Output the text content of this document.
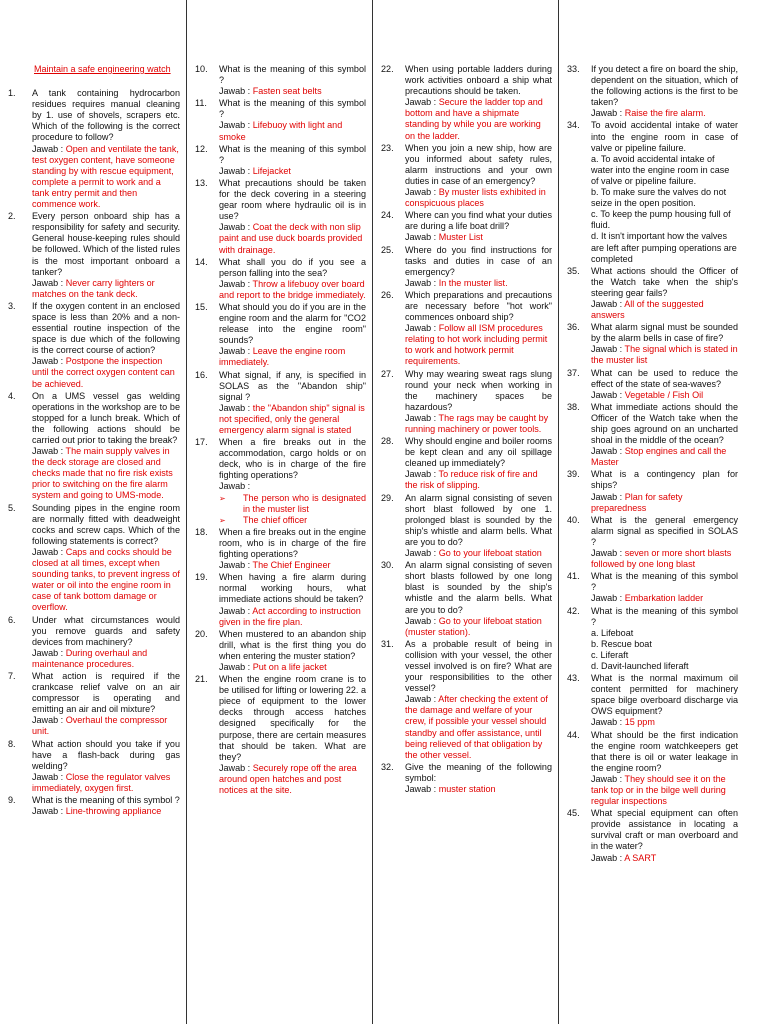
Maintain a safe engineering watch
1. A tank containing hydrocarbon residues requires manual cleaning by 1. use of shovels, scrapers etc. Which of the following is the correct procedure to follow?
Jawab : Open and ventilate the tank, test oxygen content, have someone standing by with rescue equipment, complete a permit to work and a tank entry permit and then commence work.
2. Every person onboard ship has a responsibility for safety and security. General house-keeping rules should be followed. Which of the listed rules is the most important onboard a tanker?
Jawab : Never carry lighters or matches on the tank deck.
3. If the oxygen content in an enclosed space is less than 20% and a non-essential routine inspection of the space is due which of the following is the correct course of action?
Jawab : Postpone the inspection until the correct oxygen content can be achieved.
4. On a UMS vessel gas welding operations in the workshop are to be stopped for a lunch break. Which of the following actions should be carried out prior to taking the break?
Jawab : The main supply valves in the deck storage are closed and checks made that no fire risk exists prior to switching on the fire alarm system and going to UMS-mode.
5. Sounding pipes in the engine room are normally fitted with deadweight cocks and screw caps. Which of the following statements is correct?
Jawab : Caps and cocks should be closed at all times, except when sounding tanks, to prevent ingress of water or oil into the engine room in case of tank bottom damage or overflow.
6. Under what circumstances would you remove guards and safety devices from machinery?
Jawab : During overhaul and maintenance procedures.
7. What action is required if the crankcase relief valve on an air compressor is operating and emitting an air and oil mixture?
Jawab : Overhaul the compressor unit.
8. What action should you take if you have a flash-back during gas welding?
Jawab : Close the regulator valves immediately, oxygen first.
9. What is the meaning of this symbol ?
Jawab : Line-throwing appliance
10. What is the meaning of this symbol ?
Jawab : Fasten seat belts
11. What is the meaning of this symbol ?
Jawab : Lifebuoy with light and smoke
12. What is the meaning of this symbol ?
Jawab : Lifejacket
13. What precautions should be taken for the deck covering in a steering gear room where hydraulic oil is in use?
Jawab : Coat the deck with non slip paint and use duck boards provided with drainage.
14. What shall you do if you see a person falling into the sea?
Jawab : Throw a lifebuoy over board and report to the bridge immediately.
15. What should you do if you are in the engine room and the alarm for "CO2 release into the engine room" sounds?
Jawab : Leave the engine room immediately.
16. What signal, if any, is specified in SOLAS as the "Abandon ship" signal ?
Jawab : the "Abandon ship" signal is not specified, only the general emergency alarm signal is stated
17. When a fire breaks out in the accommodation, cargo holds or on deck, who is in charge of the fire fighting operations?
Jawab :
➢ The person who is designated in the muster list
➢ The chief officer
18. When a fire breaks out in the engine room, who is in charge of the fire fighting operations?
Jawab : The Chief Engineer
19. When having a fire alarm during normal working hours, what immediate actions should be taken?
Jawab : Act according to instruction given in the fire plan.
20. When mustered to an abandon ship drill, what is the first thing you do when entering the muster station?
Jawab : Put on a life jacket
21. When the engine room crane is to be utilised for lifting or lowering 22. a piece of equipment to the lower decks through access hatches designed specifically for the purpose, there are certain measures that should be taken. What are they?
Jawab : Securely rope off the area around open hatches and post notices at the site.
22. When using portable ladders during work activities onboard a ship what precautions should be taken.
Jawab : Secure the ladder top and bottom and have a shipmate standing by while you are working on the ladder.
23. When you join a new ship, how are you informed about safety rules, alarm instructions and your own duties in case of an emergency?
Jawab : By muster lists exhibited in conspicuous places
24. Where can you find what your duties are during a life boat drill?
Jawab : Muster List
25. Where do you find instructions for tasks and duties in case of an emergency?
Jawab : In the muster list.
26. Which preparations and precautions are necessary before "hot work" commences onboard ship?
Jawab : Follow all ISM procedures relating to hot work including permit to work and hotwork permit requirements.
27. Why may wearing sweat rags slung round your neck when working in the machinery spaces be hazardous?
Jawab : The rags may be caught by running machinery or power tools.
28. Why should engine and boiler rooms be kept clean and any oil spillage cleaned up immediately?
Jawab : To reduce risk of fire and the risk of slipping.
29. An alarm signal consisting of seven short blast followed by one 1. prolonged blast is sounded by the ship's whistle and alarm bells. What are you to do?
Jawab : Go to your lifeboat station
30. An alarm signal consisting of seven short blasts followed by one long blast is sounded by the ship's whistle and the alarm bells. What are you to do?
Jawab : Go to your lifeboat station (muster station).
31. As a probable result of being in collision with your vessel, the other vessel involved is on fire? What are your responsibilities to the other vessel?
Jawab : After checking the extent of the damage and welfare of your crew, if possible your vessel should standby and offer assistance, until being relieved of that obligation by the other vessel.
32. Give the meaning of the following symbol:
Jawab : muster station
33. If you detect a fire on board the ship, dependent on the situation, which of the following actions is the first to be taken?
Jawab : Raise the fire alarm.
34. To avoid accidental intake of water into the engine room in case of valve or pipeline failure.
a. To avoid accidental intake of water into the engine room in case of valve or pipeline failure.
b. To make sure the valves do not seize in the open position.
c. To keep the pump housing full of fluid.
d. It isn't important how the valves are left after pumping operations are completed
35. What actions should the Officer of the Watch take when the ship's steering gear fails?
Jawab : All of the suggested answers
36. What alarm signal must be sounded by the alarm bells in case of fire?
Jawab : The signal which is stated in the muster list
37. What can be used to reduce the effect of the state of sea-waves?
Jawab : Vegetable / Fish Oil
38. What immediate actions should the Officer of the Watch take when the ship goes aground on an uncharted shoal in the middle of the ocean?
Jawab : Stop engines and call the Master
39. What is a contingency plan for ships?
Jawab : Plan for safety preparedness
40. What is the general emergency alarm signal as specified in SOLAS ?
Jawab : seven or more short blasts followed by one long blast
41. What is the meaning of this symbol ?
Jawab : Embarkation ladder
42. What is the meaning of this symbol ?
a. Lifeboat
b. Rescue boat
c. Liferaft
d. Davit-launched liferaft
43. What is the normal maximum oil content permitted for machinery space bilge overboard discharge via OWS equipment?
Jawab : 15 ppm
44. What should be the first indication the engine room watchkeepers get that there is oil or water leakage in the engine room?
Jawab : They should see it on the tank top or in the bilge well during regular inspections
45. What special equipment can often provide assistance in locating a survival craft or man overboard and in the water?
Jawab : A SART
